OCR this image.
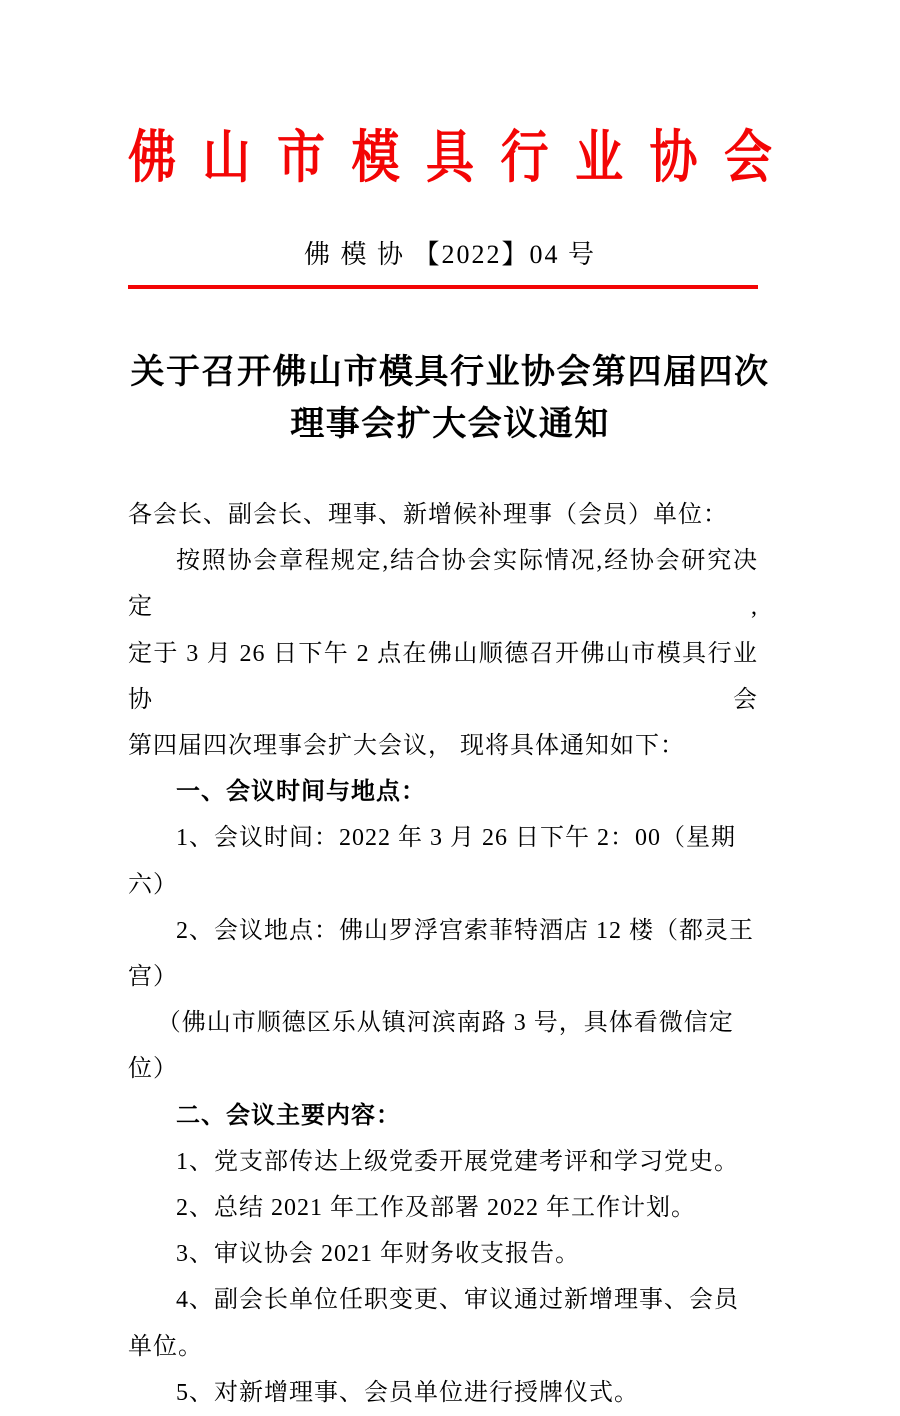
佛 山 市 模 具 行 业 协 会
佛 模 协 【2022】04 号
关于召开佛山市模具行业协会第四届四次
理事会扩大会议通知
各会长、副会长、理事、新增候补理事（会员）单位：
按照协会章程规定,结合协会实际情况,经协会研究决定,
定于 3 月 26 日下午 2 点在佛山顺德召开佛山市模具行业协会
第四届四次理事会扩大会议， 现将具体通知如下：
一、会议时间与地点：
1、会议时间：2022 年 3 月 26 日下午 2：00（星期六）
2、会议地点：佛山罗浮宫索菲特酒店 12 楼（都灵王宫）
（佛山市顺德区乐从镇河滨南路 3 号，具体看微信定位）
二、会议主要内容：
1、党支部传达上级党委开展党建考评和学习党史。
2、总结 2021 年工作及部署 2022 年工作计划。
3、审议协会 2021 年财务收支报告。
4、副会长单位任职变更、审议通过新增理事、会员单位。
5、对新增理事、会员单位进行授牌仪式。
